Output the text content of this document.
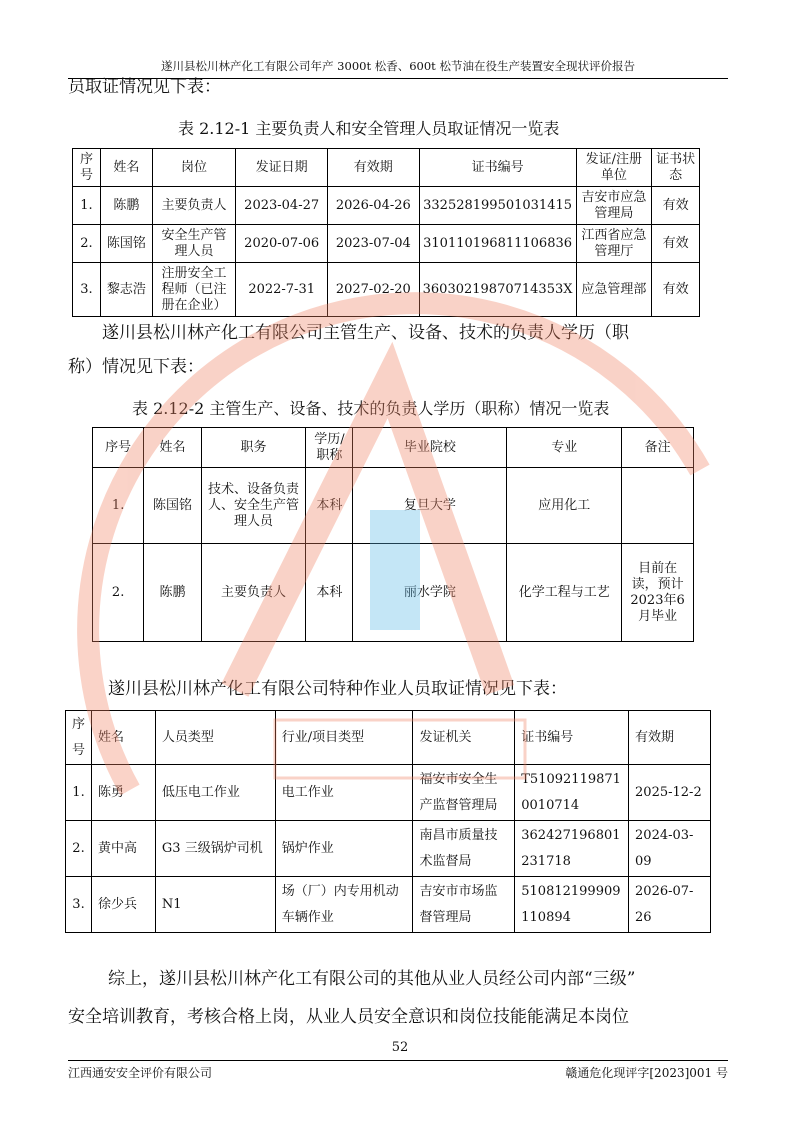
遂川县松川林产化工有限公司年产 3000t 松香、600t 松节油在役生产装置安全现状评价报告
员取证情况见下表：
表 2.12-1 主要负责人和安全管理人员取证情况一览表
序号	姓名	岗位	发证日期	有效期	证书编号	发证/注册单位	证书状态
1.	陈鹏	主要负责人	2023-04-27	2026-04-26	332528199501031415	吉安市应急管理局	有效
2.	陈国铭	安全生产管理人员	2020-07-06	2023-07-04	310110196811106836	江西省应急管理厅	有效
3.	黎志浩	注册安全工程师（已注册在企业）	2022-7-31	2027-02-20	36030219870714353X	应急管理部	有效
遂川县松川林产化工有限公司主管生产、设备、技术的负责人学历（职
称）情况见下表：
表 2.12-2 主管生产、设备、技术的负责人学历（职称）情况一览表
序号	姓名	职务	学历/职称	毕业院校	专业	备注
1.	陈国铭	技术、设备负责人、安全生产管理人员	本科	复旦大学	应用化工	
2.	陈鹏	主要负责人	本科	丽水学院	化学工程与工艺	目前在读，预计2023年6月毕业
遂川县松川林产化工有限公司特种作业人员取证情况见下表：
序号	姓名	人员类型	行业/项目类型	发证机关	证书编号	有效期
1.	陈勇	低压电工作业	电工作业	福安市安全生产监督管理局	T510921198710010714	2025-12-2
2.	黄中高	G3 三级锅炉司机	锅炉作业	南昌市质量技术监督局	362427196801231718	2024-03-09
3.	徐少兵	N1	场（厂）内专用机动车辆作业	吉安市市场监督管理局	510812199909110894	2026-07-26
综上，遂川县松川林产化工有限公司的其他从业人员经公司内部“三级”
安全培训教育，考核合格上岗，从业人员安全意识和岗位技能能满足本岗位
52
江西通安安全评价有限公司	赣通危化现评字[2023]001 号
